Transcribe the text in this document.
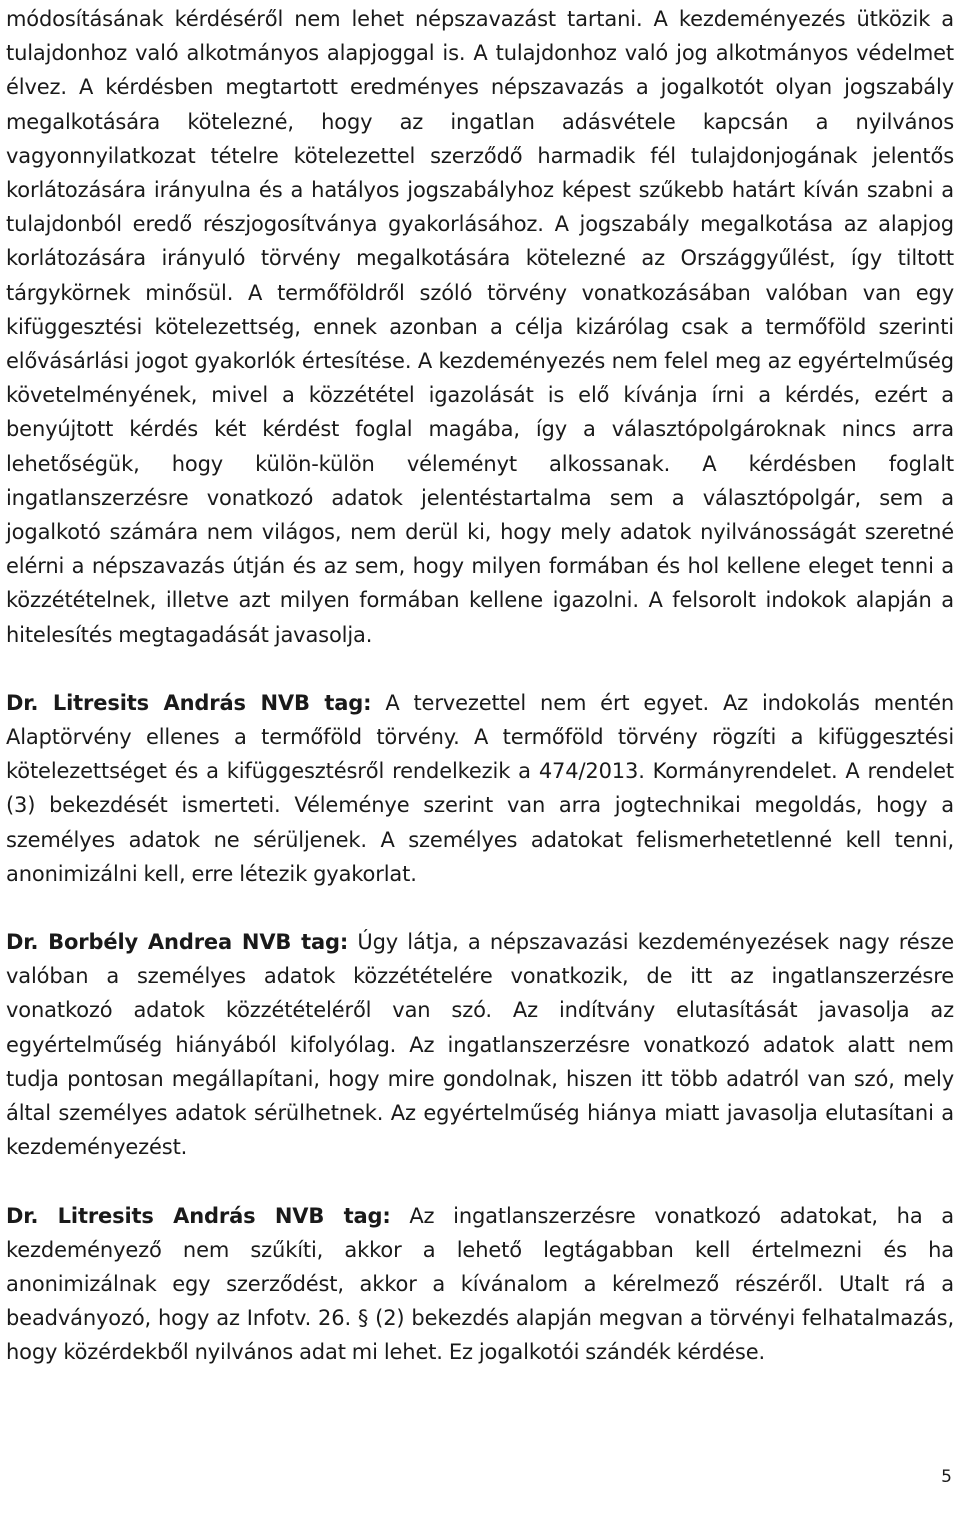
módosításának kérdéséről nem lehet népszavazást tartani. A kezdeményezés ütközik a tulajdonhoz való alkotmányos alapjoggal is. A tulajdonhoz való jog alkotmányos védelmet élvez. A kérdésben megtartott eredményes népszavazás a jogalkotót olyan jogszabály megalkotására kötelezné, hogy az ingatlan adásvétele kapcsán a nyilvános vagyonnyilatkozat tételre kötelezettel szerződő harmadik fél tulajdonjogának jelentős korlátozására irányulna és a hatályos jogszabályhoz képest szűkebb határt kíván szabni a tulajdonból eredő részjogosítványa gyakorlásához. A jogszabály megalkotása az alapjog korlátozására irányuló törvény megalkotására kötelezné az Országgyűlést, így tiltott tárgykörnek minősül. A termőföldről szóló törvény vonatkozásában valóban van egy kifüggesztési kötelezettség, ennek azonban a célja kizárólag csak a termőföld szerinti elővásárlási jogot gyakorlók értesítése. A kezdeményezés nem felel meg az egyértelműség követelményének, mivel a közzététel igazolását is elő kívánja írni a kérdés, ezért a benyújtott kérdés két kérdést foglal magába, így a választópolgároknak nincs arra lehetőségük, hogy külön-külön véleményt alkossanak. A kérdésben foglalt ingatlanszerzésre vonatkozó adatok jelentéstartalma sem a választópolgár, sem a jogalkotó számára nem világos, nem derül ki, hogy mely adatok nyilvánosságát szeretné elérni a népszavazás útján és az sem, hogy milyen formában és hol kellene eleget tenni a közzétételnek, illetve azt milyen formában kellene igazolni. A felsorolt indokok alapján a hitelesítés megtagadását javasolja.

Dr. Litresits András NVB tag: A tervezettel nem ért egyet. Az indokolás mentén Alaptörvény ellenes a termőföld törvény. A termőföld törvény rögzíti a kifüggesztési kötelezettséget és a kifüggesztésről rendelkezik a 474/2013. Kormányrendelet. A rendelet (3) bekezdését ismerteti. Véleménye szerint van arra jogtechnikai megoldás, hogy a személyes adatok ne sérüljenek. A személyes adatokat felismerhetetlenné kell tenni, anonimizálni kell, erre létezik gyakorlat.

Dr. Borbély Andrea NVB tag: Úgy látja, a népszavazási kezdeményezések nagy része valóban a személyes adatok közzétételére vonatkozik, de itt az ingatlanszerzésre vonatkozó adatok közzétételéről van szó. Az indítvány elutasítását javasolja az egyértelműség hiányából kifolyólag. Az ingatlanszerzésre vonatkozó adatok alatt nem tudja pontosan megállapítani, hogy mire gondolnak, hiszen itt több adatról van szó, mely által személyes adatok sérülhetnek. Az egyértelműség hiánya miatt javasolja elutasítani a kezdeményezést.

Dr. Litresits András NVB tag: Az ingatlanszerzésre vonatkozó adatokat, ha a kezdeményező nem szűkíti, akkor a lehető legtágabban kell értelmezni és ha anonimizálnak egy szerződést, akkor a kívánalom a kérelmező részéről. Utalt rá a beadványozó, hogy az Infotv. 26. § (2) bekezdés alapján megvan a törvényi felhatalmazás, hogy közérdekből nyilvános adat mi lehet. Ez jogalkotói szándék kérdése.

5
